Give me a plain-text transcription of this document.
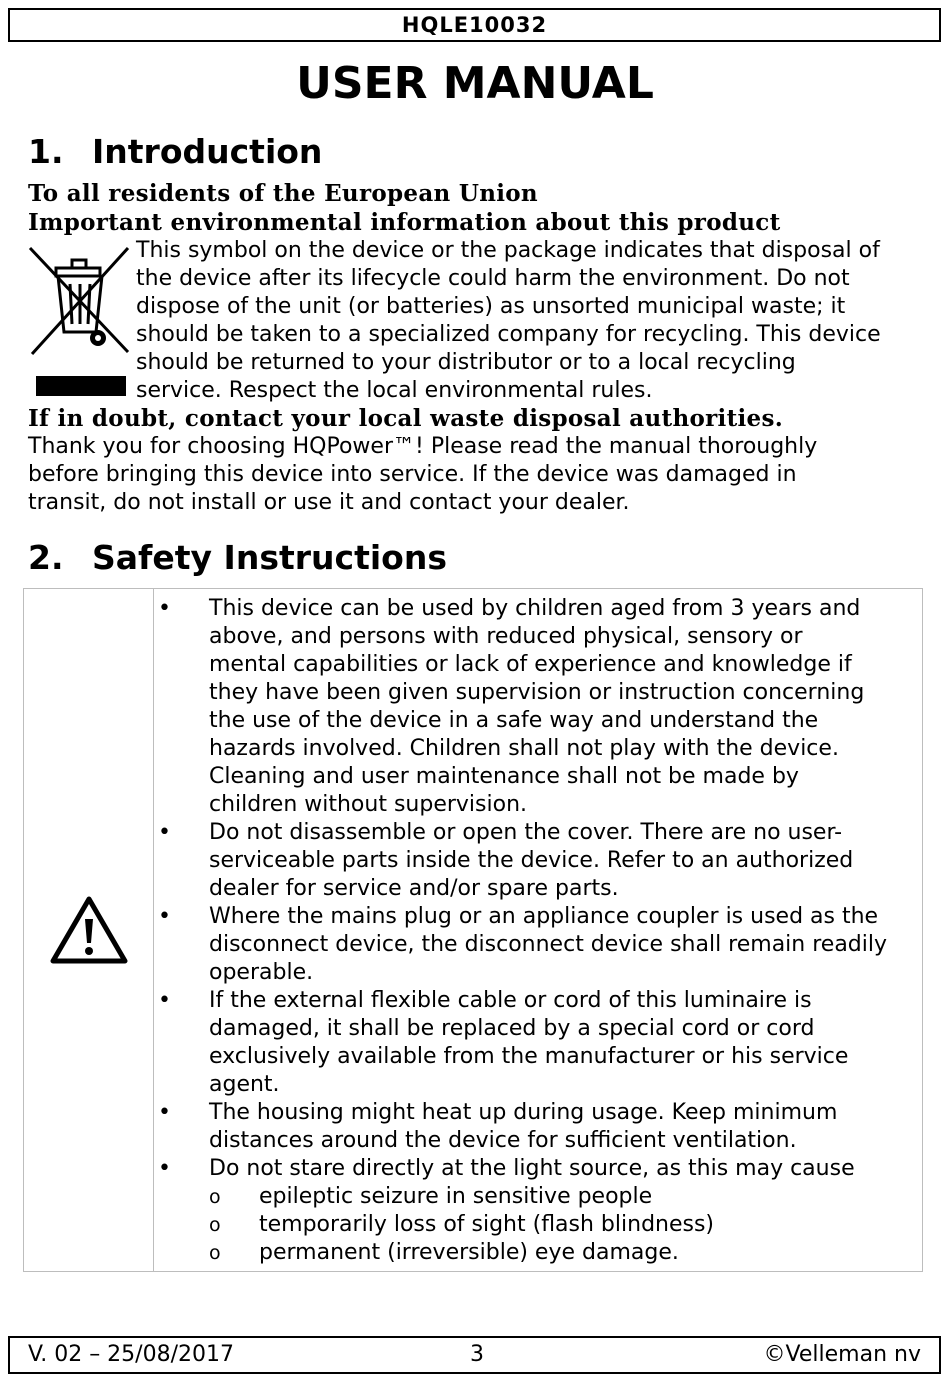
HQLE10032
USER MANUAL
1. Introduction
To all residents of the European Union
Important environmental information about this product
This symbol on the device or the package indicates that disposal of
the device after its lifecycle could harm the environment. Do not
dispose of the unit (or batteries) as unsorted municipal waste; it
should be taken to a specialized company for recycling. This device
should be returned to your distributor or to a local recycling
service. Respect the local environmental rules.
If in doubt, contact your local waste disposal authorities.
Thank you for choosing HQPower™! Please read the manual thoroughly
before bringing this device into service. If the device was damaged in
transit, do not install or use it and contact your dealer.
2. Safety Instructions
• This device can be used by children aged from 3 years and
above, and persons with reduced physical, sensory or
mental capabilities or lack of experience and knowledge if
they have been given supervision or instruction concerning
the use of the device in a safe way and understand the
hazards involved. Children shall not play with the device.
Cleaning and user maintenance shall not be made by
children without supervision.
• Do not disassemble or open the cover. There are no user-
serviceable parts inside the device. Refer to an authorized
dealer for service and/or spare parts.
• Where the mains plug or an appliance coupler is used as the
disconnect device, the disconnect device shall remain readily
operable.
• If the external flexible cable or cord of this luminaire is
damaged, it shall be replaced by a special cord or cord
exclusively available from the manufacturer or his service
agent.
• The housing might heat up during usage. Keep minimum
distances around the device for sufficient ventilation.
• Do not stare directly at the light source, as this may cause
o epileptic seizure in sensitive people
o temporarily loss of sight (flash blindness)
o permanent (irreversible) eye damage.
V. 02 – 25/08/2017	3	©Velleman nv
